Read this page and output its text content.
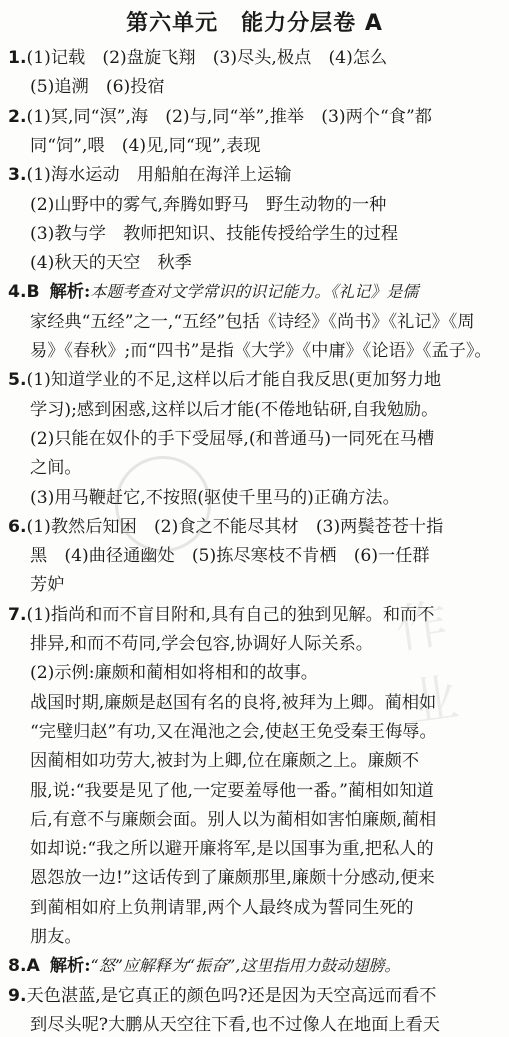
第六单元　能力分层卷 A
1.(1)记载　(2)盘旋飞翔　(3)尽头,极点　(4)怎么
(5)追溯　(6)投宿
2.(1)冥,同“溟”,海　(2)与,同“举”,推举　(3)两个“食”都
同“饲”,喂　(4)见,同“现”,表现
3.(1)海水运动　用船舶在海洋上运输
(2)山野中的雾气,奔腾如野马　野生动物的一种
(3)教与学　教师把知识、技能传授给学生的过程
(4)秋天的天空　秋季
4.B 解析:本题考查对文学常识的识记能力。《礼记》是儒
家经典“五经”之一,“五经”包括《诗经》《尚书》《礼记》《周
易》《春秋》;而“四书”是指《大学》《中庸》《论语》《孟子》。
5.(1)知道学业的不足,这样以后才能自我反思(更加努力地
学习);感到困惑,这样以后才能(不倦地钻研,自我勉励。
(2)只能在奴仆的手下受屈辱,(和普通马)一同死在马槽
之间。
(3)用马鞭赶它,不按照(驱使千里马的)正确方法。
6.(1)教然后知困　(2)食之不能尽其材　(3)两鬓苍苍十指
黑　(4)曲径通幽处　(5)拣尽寒枝不肯栖　(6)一任群
芳妒
7.(1)指尚和而不盲目附和,具有自己的独到见解。和而不
排异,和而不苟同,学会包容,协调好人际关系。
(2)示例:廉颇和蔺相如将相和的故事。
战国时期,廉颇是赵国有名的良将,被拜为上卿。蔺相如
“完璧归赵”有功,又在渑池之会,使赵王免受秦王侮辱。
因蔺相如功劳大,被封为上卿,位在廉颇之上。廉颇不
服,说:“我要是见了他,一定要羞辱他一番。”蔺相如知道
后,有意不与廉颇会面。别人以为蔺相如害怕廉颇,蔺相
如却说:“我之所以避开廉将军,是以国事为重,把私人的
恩怨放一边!”这话传到了廉颇那里,廉颇十分感动,便来
到蔺相如府上负荆请罪,两个人最终成为誓同生死的
朋友。
8.A 解析:“怒”应解释为“振奋”,这里指用力鼓动翅膀。
9.天色湛蓝,是它真正的颜色吗?还是因为天空高远而看不
到尽头呢?大鹏从天空往下看,也不过像人在地面上看天
作业
